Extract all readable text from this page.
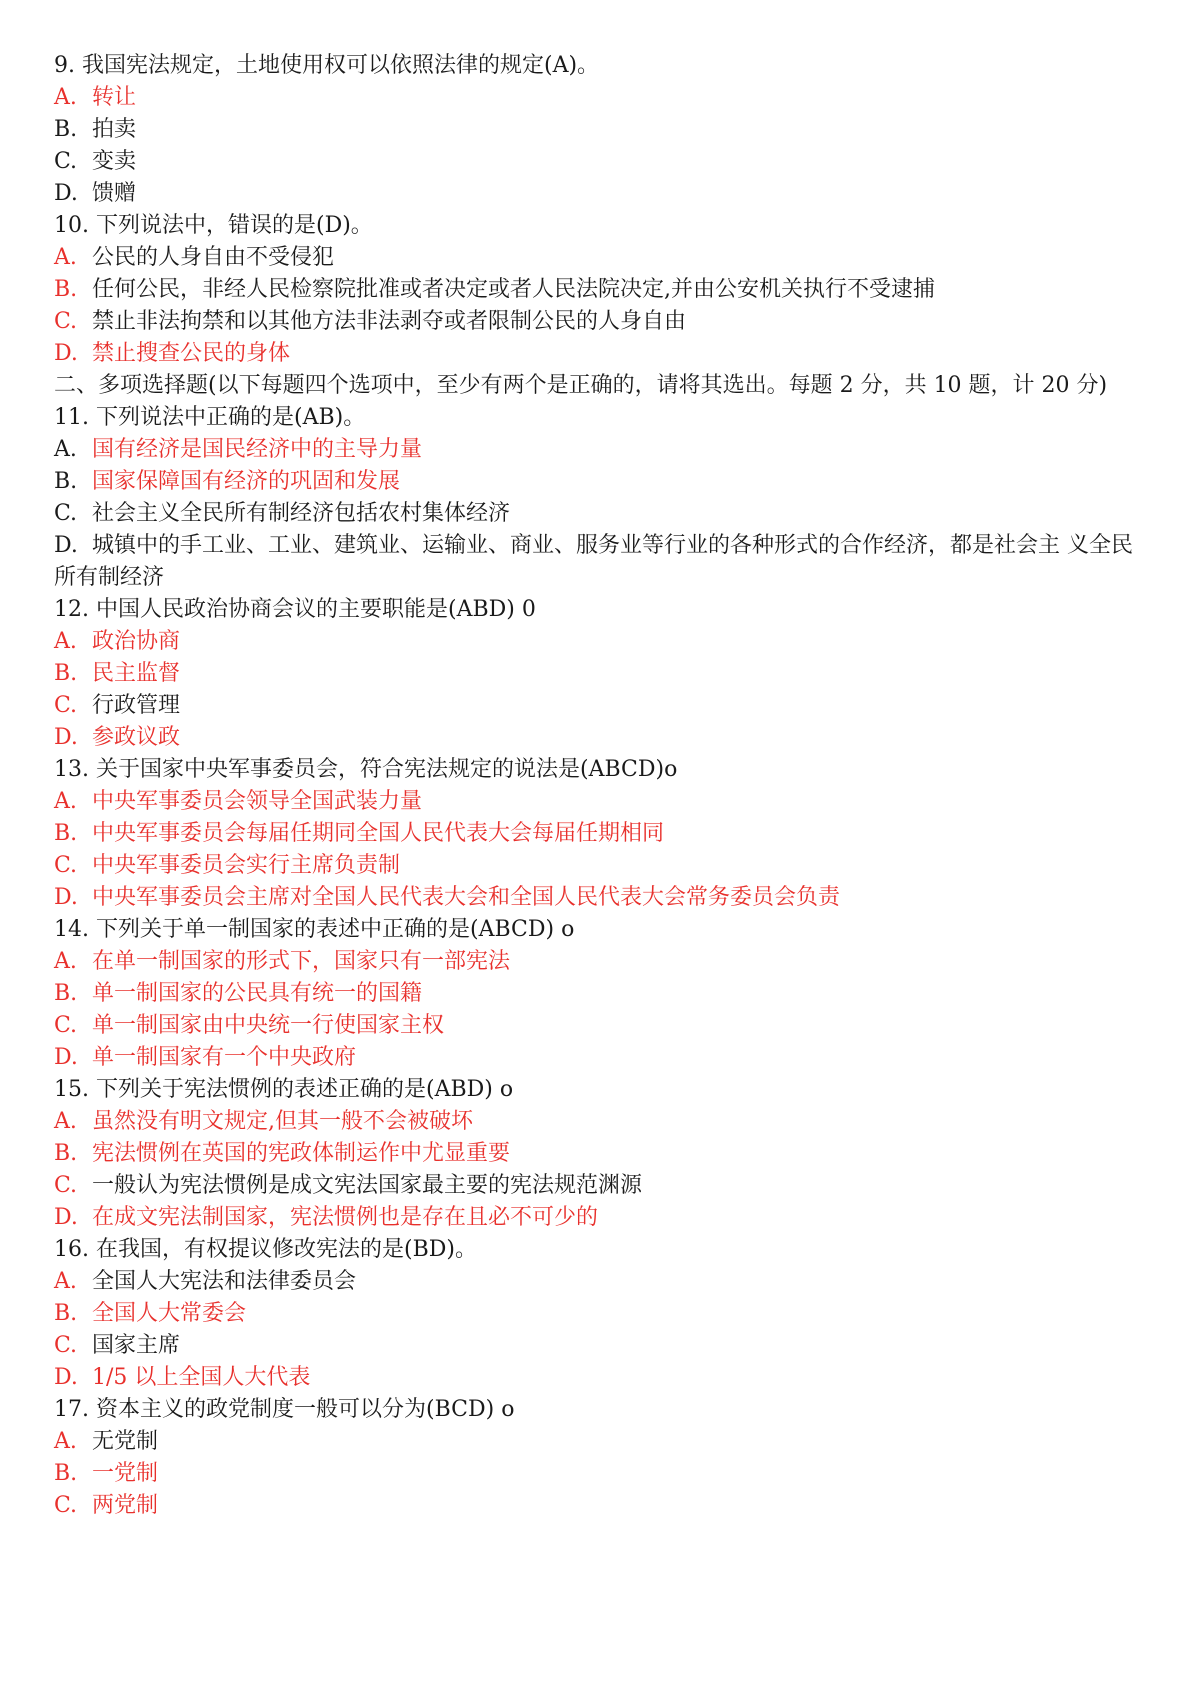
9. 我国宪法规定，土地使用权可以依照法律的规定(A)。
A. 转让
B. 拍卖
C. 变卖
D. 馈赠
10. 下列说法中，错误的是(D)。
A. 公民的人身自由不受侵犯
B. 任何公民，非经人民检察院批准或者决定或者人民法院决定,并由公安机关执行不受逮捕
C. 禁止非法拘禁和以其他方法非法剥夺或者限制公民的人身自由
D. 禁止搜查公民的身体
二、多项选择题(以下每题四个选项中，至少有两个是正确的，请将其选出。每题 2 分，共 10 题，计 20 分)
11. 下列说法中正确的是(AB)。
A. 国有经济是国民经济中的主导力量
B. 国家保障国有经济的巩固和发展
C. 社会主义全民所有制经济包括农村集体经济
D. 城镇中的手工业、工业、建筑业、运输业、商业、服务业等行业的各种形式的合作经济，都是社会主 义全民所有制经济
12. 中国人民政治协商会议的主要职能是(ABD) 0
A. 政治协商
B. 民主监督
C. 行政管理
D. 参政议政
13. 关于国家中央军事委员会，符合宪法规定的说法是(ABCD)o
A. 中央军事委员会领导全国武装力量
B. 中央军事委员会每届任期同全国人民代表大会每届任期相同
C. 中央军事委员会实行主席负责制
D. 中央军事委员会主席对全国人民代表大会和全国人民代表大会常务委员会负责
14. 下列关于单一制国家的表述中正确的是(ABCD) o
A. 在单一制国家的形式下，国家只有一部宪法
B. 单一制国家的公民具有统一的国籍
C. 单一制国家由中央统一行使国家主权
D. 单一制国家有一个中央政府
15. 下列关于宪法惯例的表述正确的是(ABD) o
A. 虽然没有明文规定,但其一般不会被破坏
B. 宪法惯例在英国的宪政体制运作中尤显重要
C. 一般认为宪法惯例是成文宪法国家最主要的宪法规范渊源
D. 在成文宪法制国家，宪法惯例也是存在且必不可少的
16. 在我国，有权提议修改宪法的是(BD)。
A. 全国人大宪法和法律委员会
B. 全国人大常委会
C. 国家主席
D. 1/5 以上全国人大代表
17. 资本主义的政党制度一般可以分为(BCD) o
A. 无党制
B. 一党制
C. 两党制
